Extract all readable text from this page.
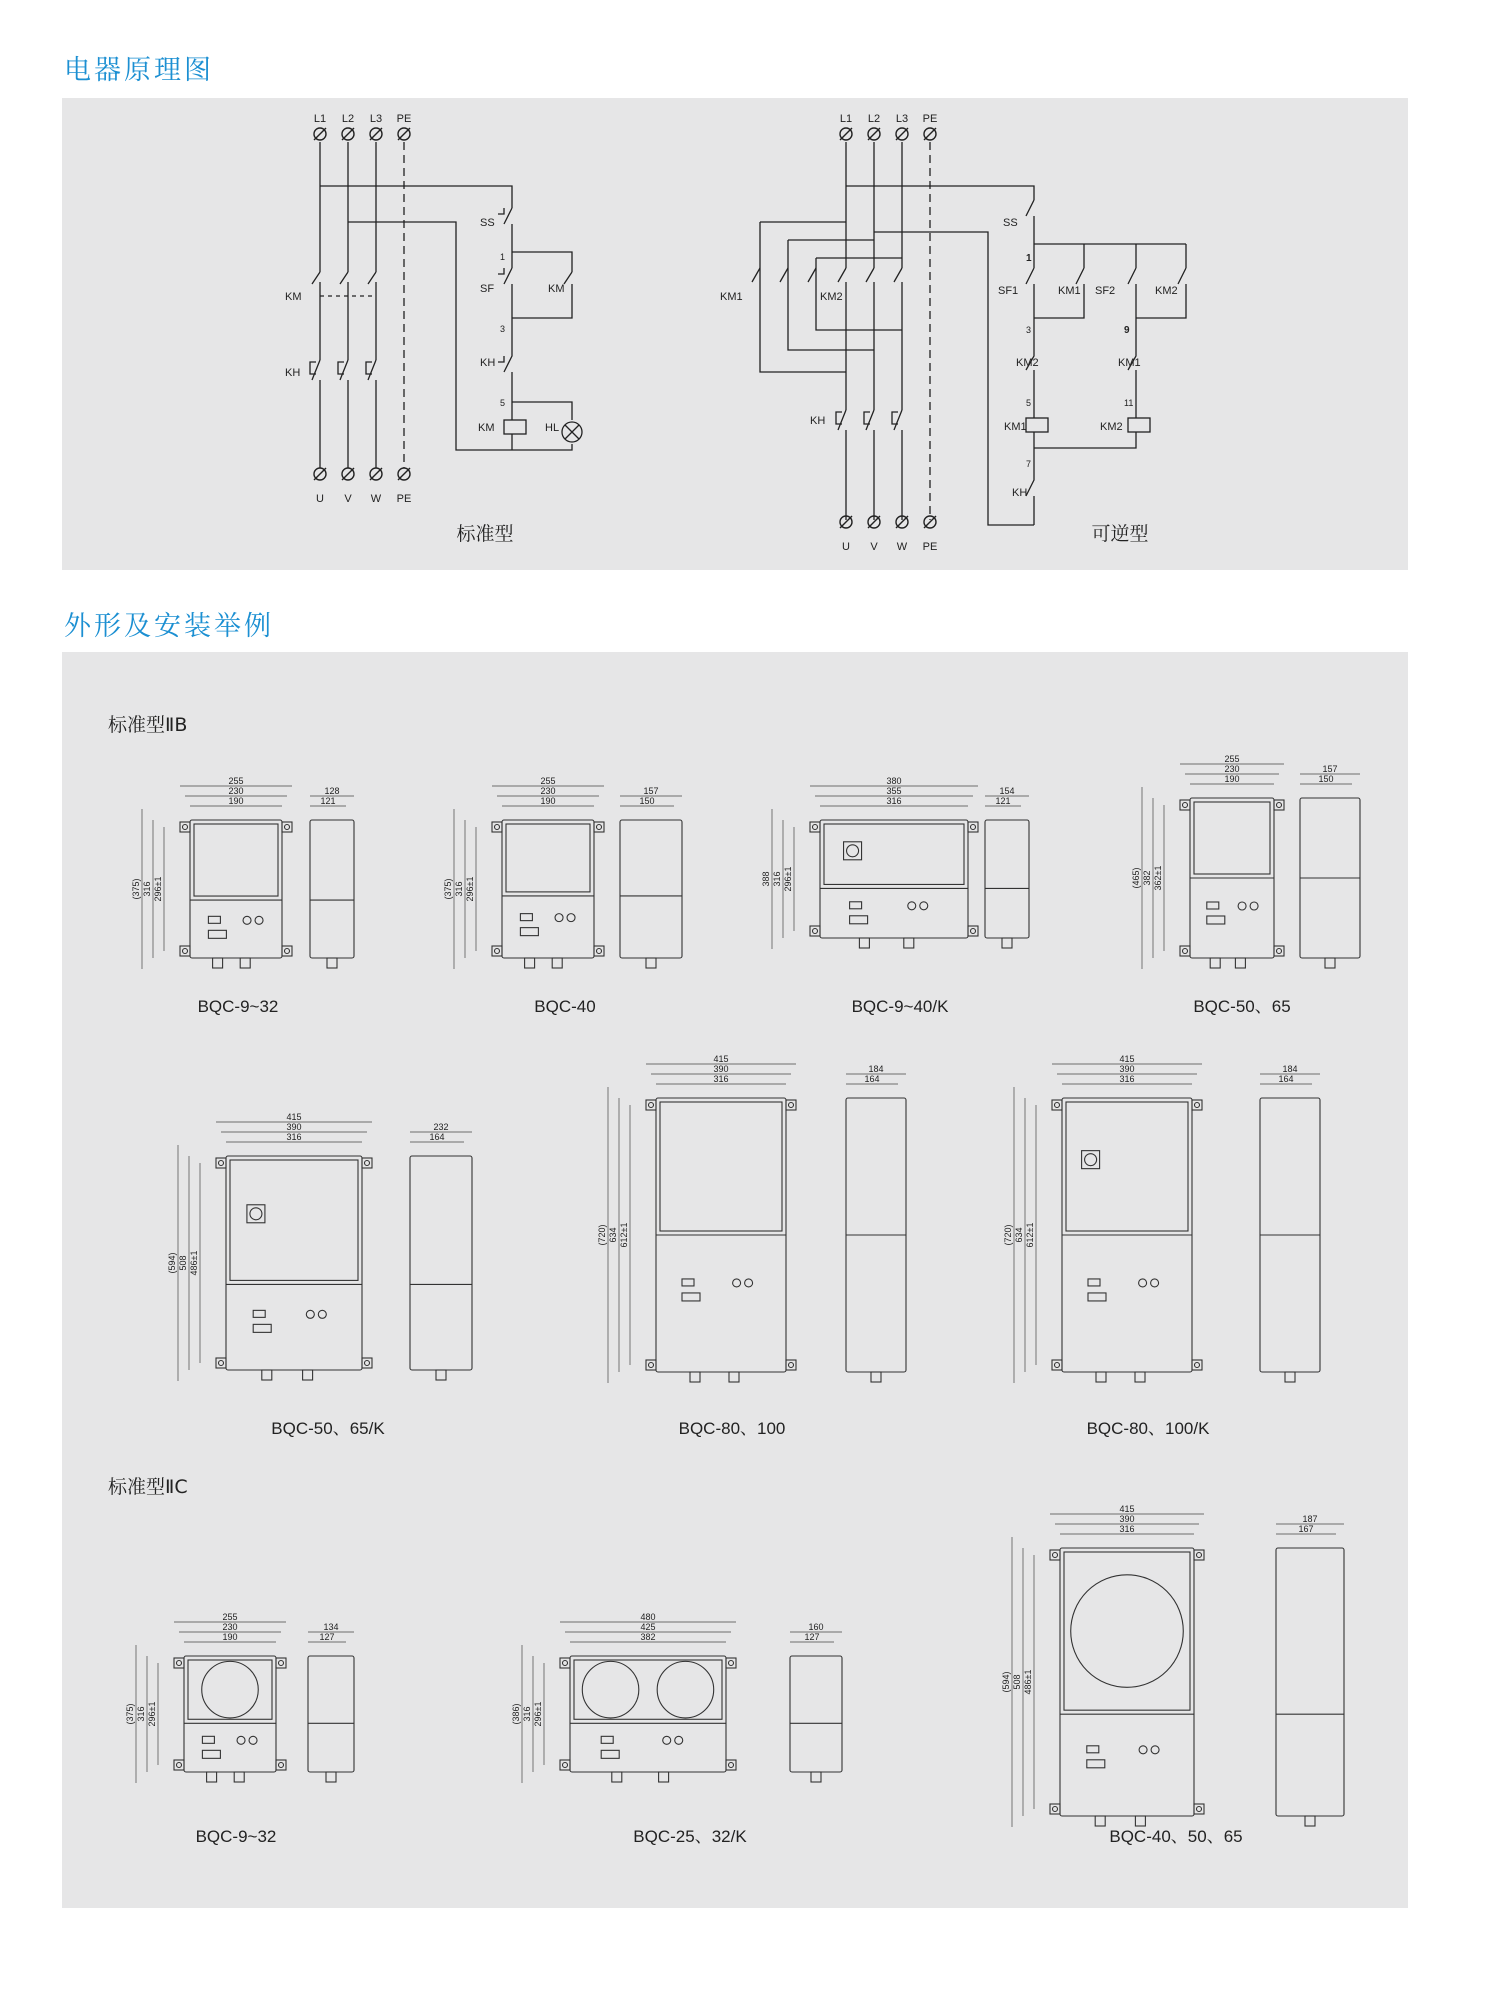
电器原理图
L1 L2 L3 PE
U V W PE
L1 L2 L3 PE
U V W PE
KM
KH
SS
SF	KM
KH
KM	HL
1
3
5
KM1	KM2
KH
SS
SF1	KM1 SF2	KM2
KM2	KM1
KM1	KM2
KH
1
3	9
5	11
7
标准型	可逆型
外形及安装举例
标准型ⅡB
标准型ⅡC
255
230
190
128
121
(375) 316 296±1
BQC-9~32
255
230
190
157
150
(375) 316 296±1
BQC-40
380
355
316
154
121
388 316 296±1
BQC-9~40/K
255
230
190
157
150
(465) 382 362±1
BQC-50、65
415
390
316
232
164
(594) 508 486±1
BQC-50、65/K
415
390
316
184
164
(720) 634 612±1
BQC-80、100
415
390
316
184
164
(720) 634 612±1
BQC-80、100/K
255
230
190
134
127
(375) 316 296±1
BQC-9~32
480
425
382
160
127
(386) 316 296±1
BQC-25、32/K
415
390
316
187
167
(594) 508 486±1
BQC-40、50、65
